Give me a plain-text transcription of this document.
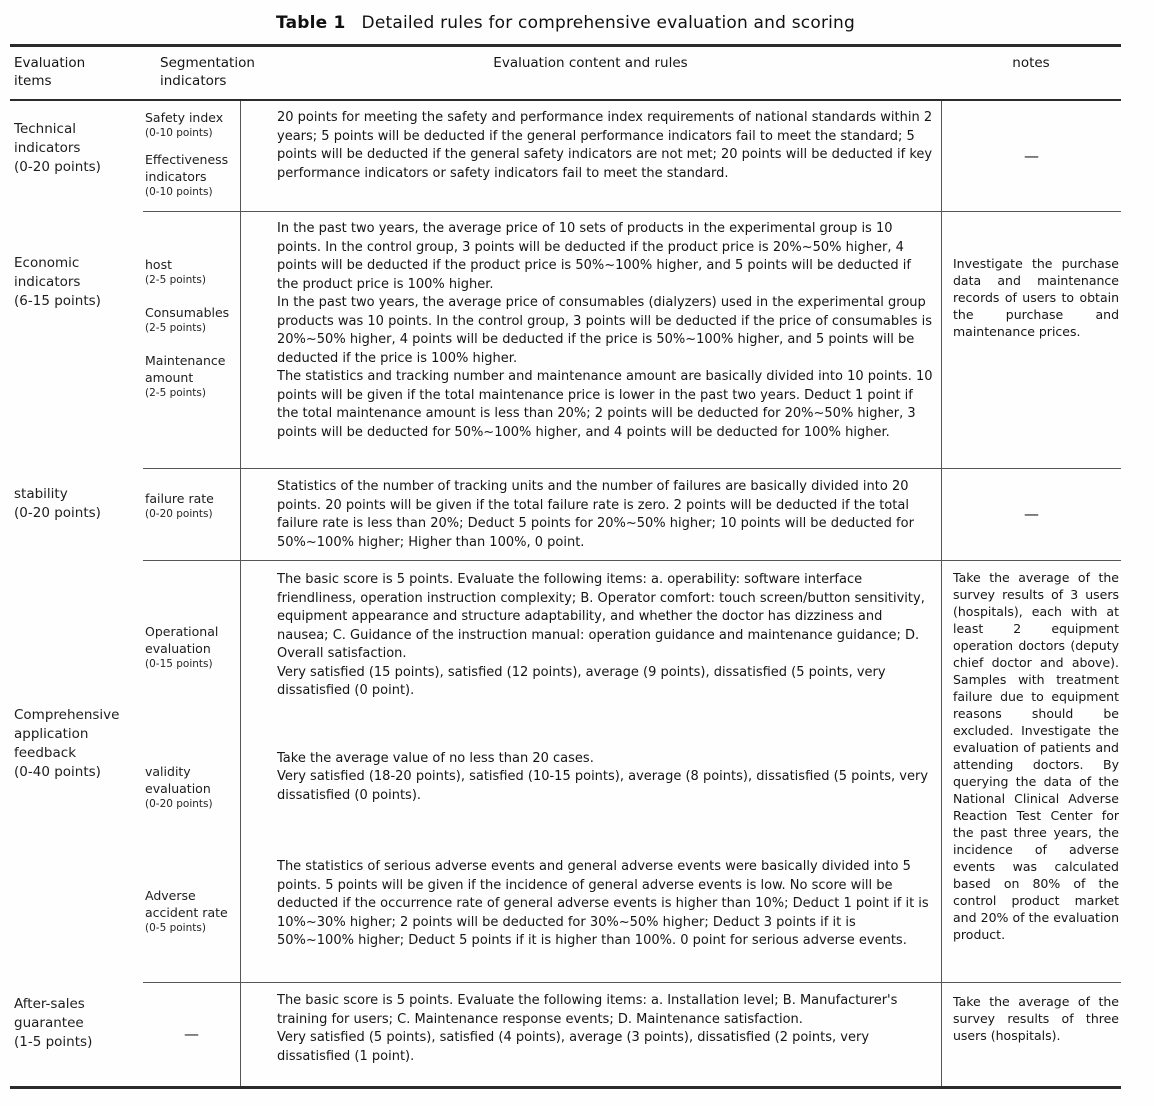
Table 1 Detailed rules for comprehensive evaluation and scoring
Evaluation items
Segmentation indicators
Evaluation content and rules	notes
Technical indicators
(0-20 points)
Safety index
(0-10 points)
Effectiveness indicators
(0-10 points)
20 points for meeting the safety and performance index requirements of national standards within 2 years; 5 points will be deducted if the general performance indicators fail to meet the standard; 5 points will be deducted if the general safety indicators are not met; 20 points will be deducted if key performance indicators or safety indicators fail to meet the standard.
—
Economic indicators
(6-15 points)
host
(2-5 points)
Consumables
(2-5 points)
Maintenance amount
(2-5 points)
In the past two years, the average price of 10 sets of products in the experimental group is 10 points. In the control group, 3 points will be deducted if the product price is 20%~50% higher, 4 points will be deducted if the product price is 50%~100% higher, and 5 points will be deducted if the product price is 100% higher.
In the past two years, the average price of consumables (dialyzers) used in the experimental group products was 10 points. In the control group, 3 points will be deducted if the price of consumables is 20%~50% higher, 4 points will be deducted if the price is 50%~100% higher, and 5 points will be deducted if the price is 100% higher.
The statistics and tracking number and maintenance amount are basically divided into 10 points. 10 points will be given if the total maintenance price is lower in the past two years. Deduct 1 point if the total maintenance amount is less than 20%; 2 points will be deducted for 20%~50% higher, 3 points will be deducted for 50%~100% higher, and 4 points will be deducted for 100% higher.
Investigate the purchase data and maintenance records of users to obtain the purchase and maintenance prices.
stability
(0-20 points)
failure rate
(0-20 points)
Statistics of the number of tracking units and the number of failures are basically divided into 20 points. 20 points will be given if the total failure rate is zero. 2 points will be deducted if the total failure rate is less than 20%; Deduct 5 points for 20%~50% higher; 10 points will be deducted for 50%~100% higher; Higher than 100%, 0 point.
—
Comprehensive application feedback
(0-40 points)
Operational evaluation
(0-15 points)
The basic score is 5 points. Evaluate the following items: a. operability: software interface friendliness, operation instruction complexity; B. Operator comfort: touch screen/button sensitivity, equipment appearance and structure adaptability, and whether the doctor has dizziness and nausea; C. Guidance of the instruction manual: operation guidance and maintenance guidance; D. Overall satisfaction.
Very satisfied (15 points), satisfied (12 points), average (9 points), dissatisfied (5 points, very dissatisfied (0 point).
validity evaluation
(0-20 points)
Take the average value of no less than 20 cases.
Very satisfied (18-20 points), satisfied (10-15 points), average (8 points), dissatisfied (5 points, very dissatisfied (0 points).
Adverse accident rate
(0-5 points)
The statistics of serious adverse events and general adverse events were basically divided into 5 points. 5 points will be given if the incidence of general adverse events is low. No score will be deducted if the occurrence rate of general adverse events is higher than 10%; Deduct 1 point if it is 10%~30% higher; 2 points will be deducted for 30%~50% higher; Deduct 3 points if it is 50%~100% higher; Deduct 5 points if it is higher than 100%. 0 point for serious adverse events.
Take the average of the survey results of 3 users (hospitals), each with at least 2 equipment operation doctors (deputy chief doctor and above). Samples with treatment failure due to equipment reasons should be excluded. Investigate the evaluation of patients and attending doctors. By querying the data of the National Clinical Adverse Reaction Test Center for the past three years, the incidence of adverse events was calculated based on 80% of the control product market and 20% of the evaluation product.
After-sales guarantee
(1-5 points)	—
The basic score is 5 points. Evaluate the following items: a. Installation level; B. Manufacturer's training for users; C. Maintenance response events; D. Maintenance satisfaction.
Very satisfied (5 points), satisfied (4 points), average (3 points), dissatisfied (2 points, very dissatisfied (1 point).
Take the average of the survey results of three users (hospitals).
